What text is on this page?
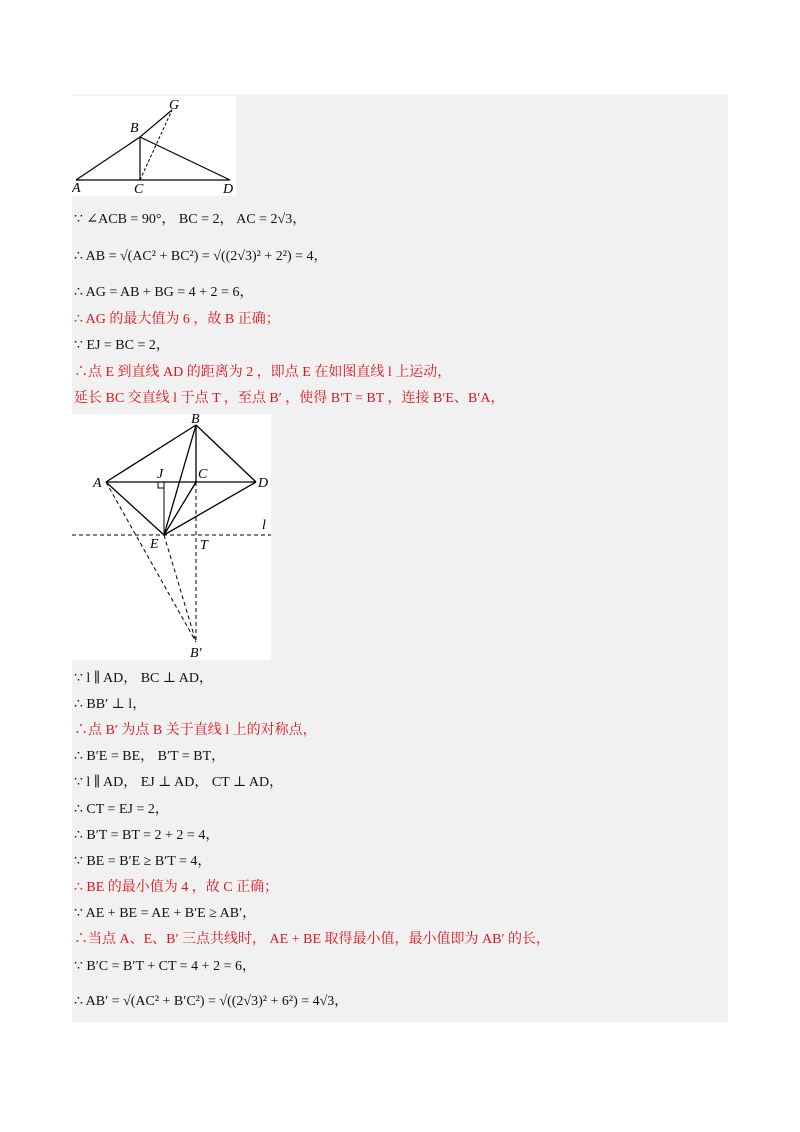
A
B
C	D
G
A
B
C
D
E
J
T
B′
l
∵ ∠ACB = 90°， BC = 2， AC = 2√3，
∴ AB = √(AC² + BC²) = √((2√3)² + 2²) = 4，
∴ AG = AB + BG = 4 + 2 = 6，
∴ AG 的最大值为 6 ，故 B 正确；
∵ EJ = BC = 2，
∴点 E 到直线 AD 的距离为 2 ，即点 E 在如图直线 l 上运动，
延长 BC 交直线 l 于点 T ，至点 B′ ，使得 B′T = BT ，连接 B′E、B′A，
∵ l ∥ AD， BC ⊥ AD，
∴ BB′ ⊥ l，
∴点 B′ 为点 B 关于直线 l 上的对称点，
∴ B′E = BE， B′T = BT，
∵ l ∥ AD， EJ ⊥ AD， CT ⊥ AD，
∴ CT = EJ = 2，
∴ B′T = BT = 2 + 2 = 4，
∵ BE = B′E ≥ B′T = 4，
∴ BE 的最小值为 4 ，故 C 正确；
∵ AE + BE = AE + B′E ≥ AB′，
∴当点 A、E、B′ 三点共线时， AE + BE 取得最小值，最小值即为 AB′ 的长，
∵ B′C = B′T + CT = 4 + 2 = 6，
∴ AB′ = √(AC² + B′C²) = √((2√3)² + 6²) = 4√3，
